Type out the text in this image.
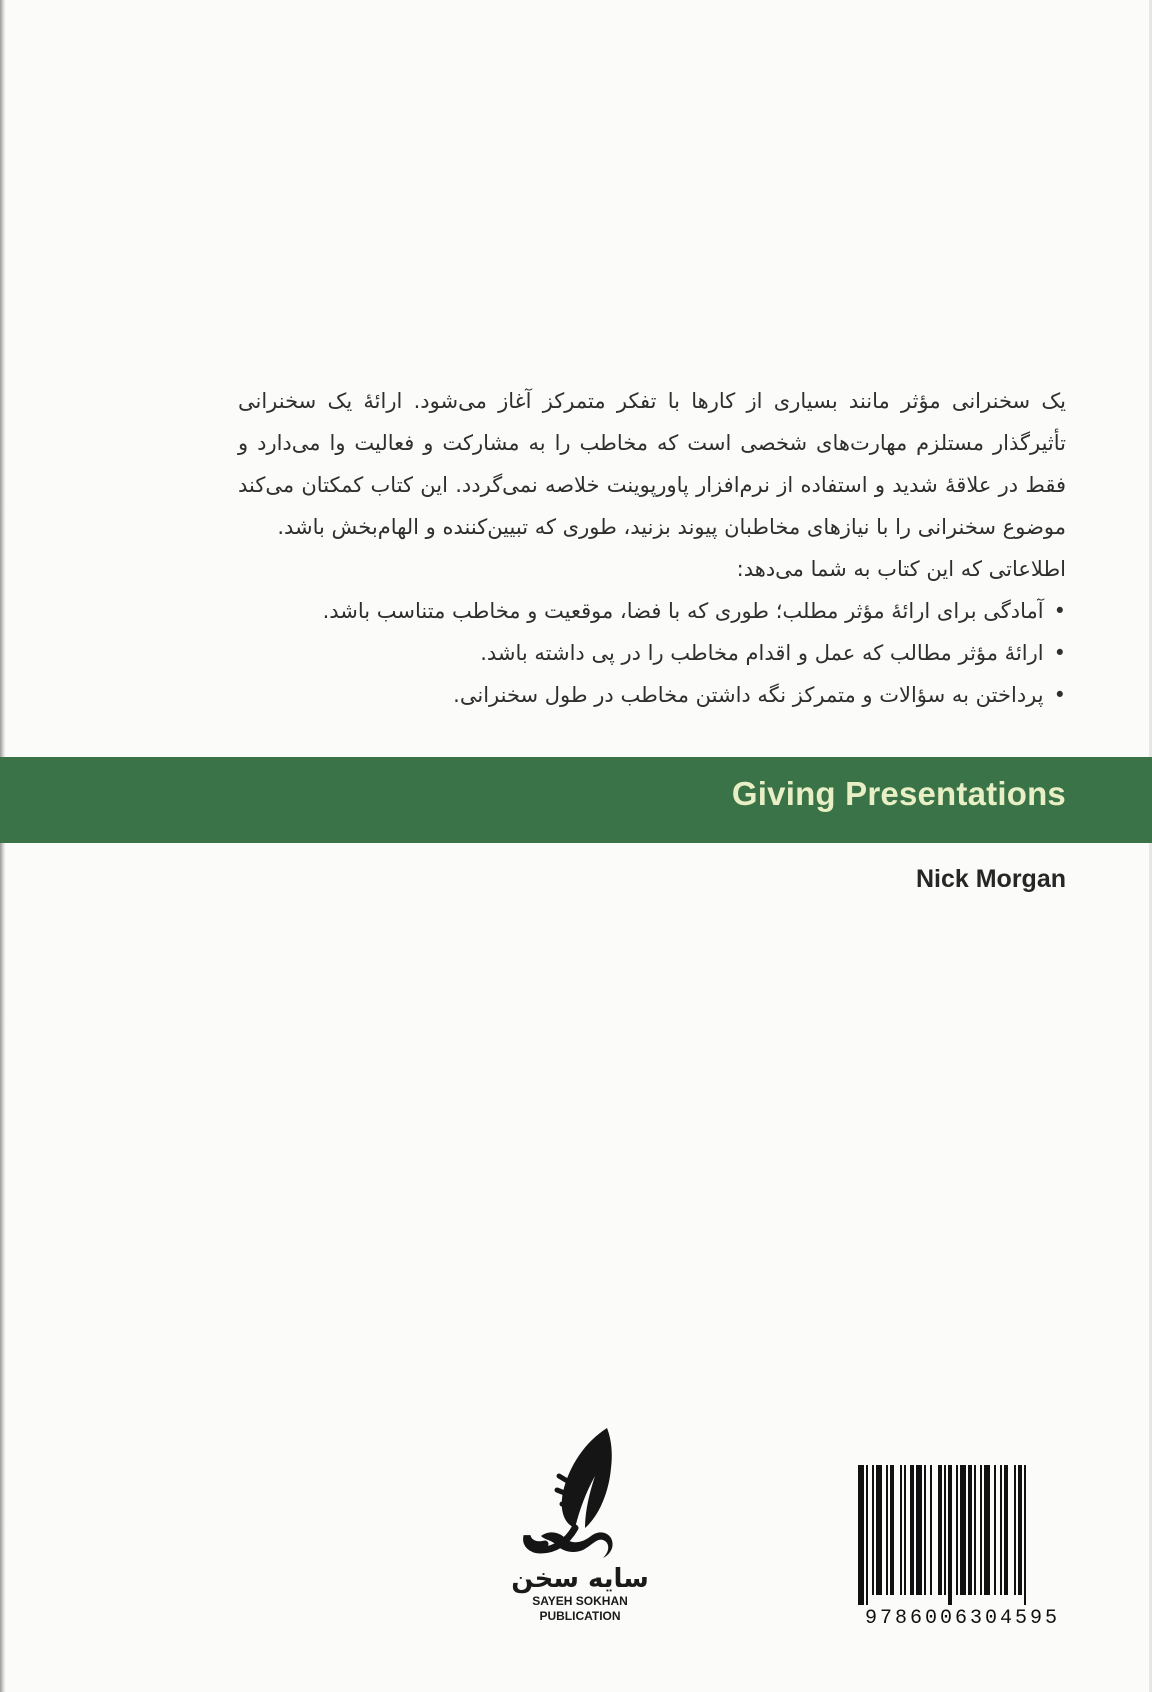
یک سخنرانی مؤثر مانند بسیاری از کارها با تفکر متمرکز آغاز می‌شود. ارائهٔ یک سخنرانی تأثیرگذار مستلزم مهارت‌های شخصی است که مخاطب را به مشارکت و فعالیت وا می‌دارد و فقط در علاقهٔ شدید و استفاده از نرم‌افزار پاورپوینت خلاصه نمی‌گردد. این کتاب کمکتان می‌کند موضوع سخنرانی را با نیازهای مخاطبان پیوند بزنید، طوری که تبیین‌کننده و الهام‌بخش باشد.

اطلاعاتی که این کتاب به شما می‌دهد:

• آمادگی برای ارائهٔ مؤثر مطلب؛ طوری که با فضا، موقعیت و مخاطب متناسب باشد.
• ارائهٔ مؤثر مطالب که عمل و اقدام مخاطب را در پی داشته باشد.
• پرداختن به سؤالات و متمرکز نگه داشتن مخاطب در طول سخنرانی.
Giving Presentations
Nick Morgan
سایه سخن
SAYEH SOKHAN
PUBLICATION	9786006304595
